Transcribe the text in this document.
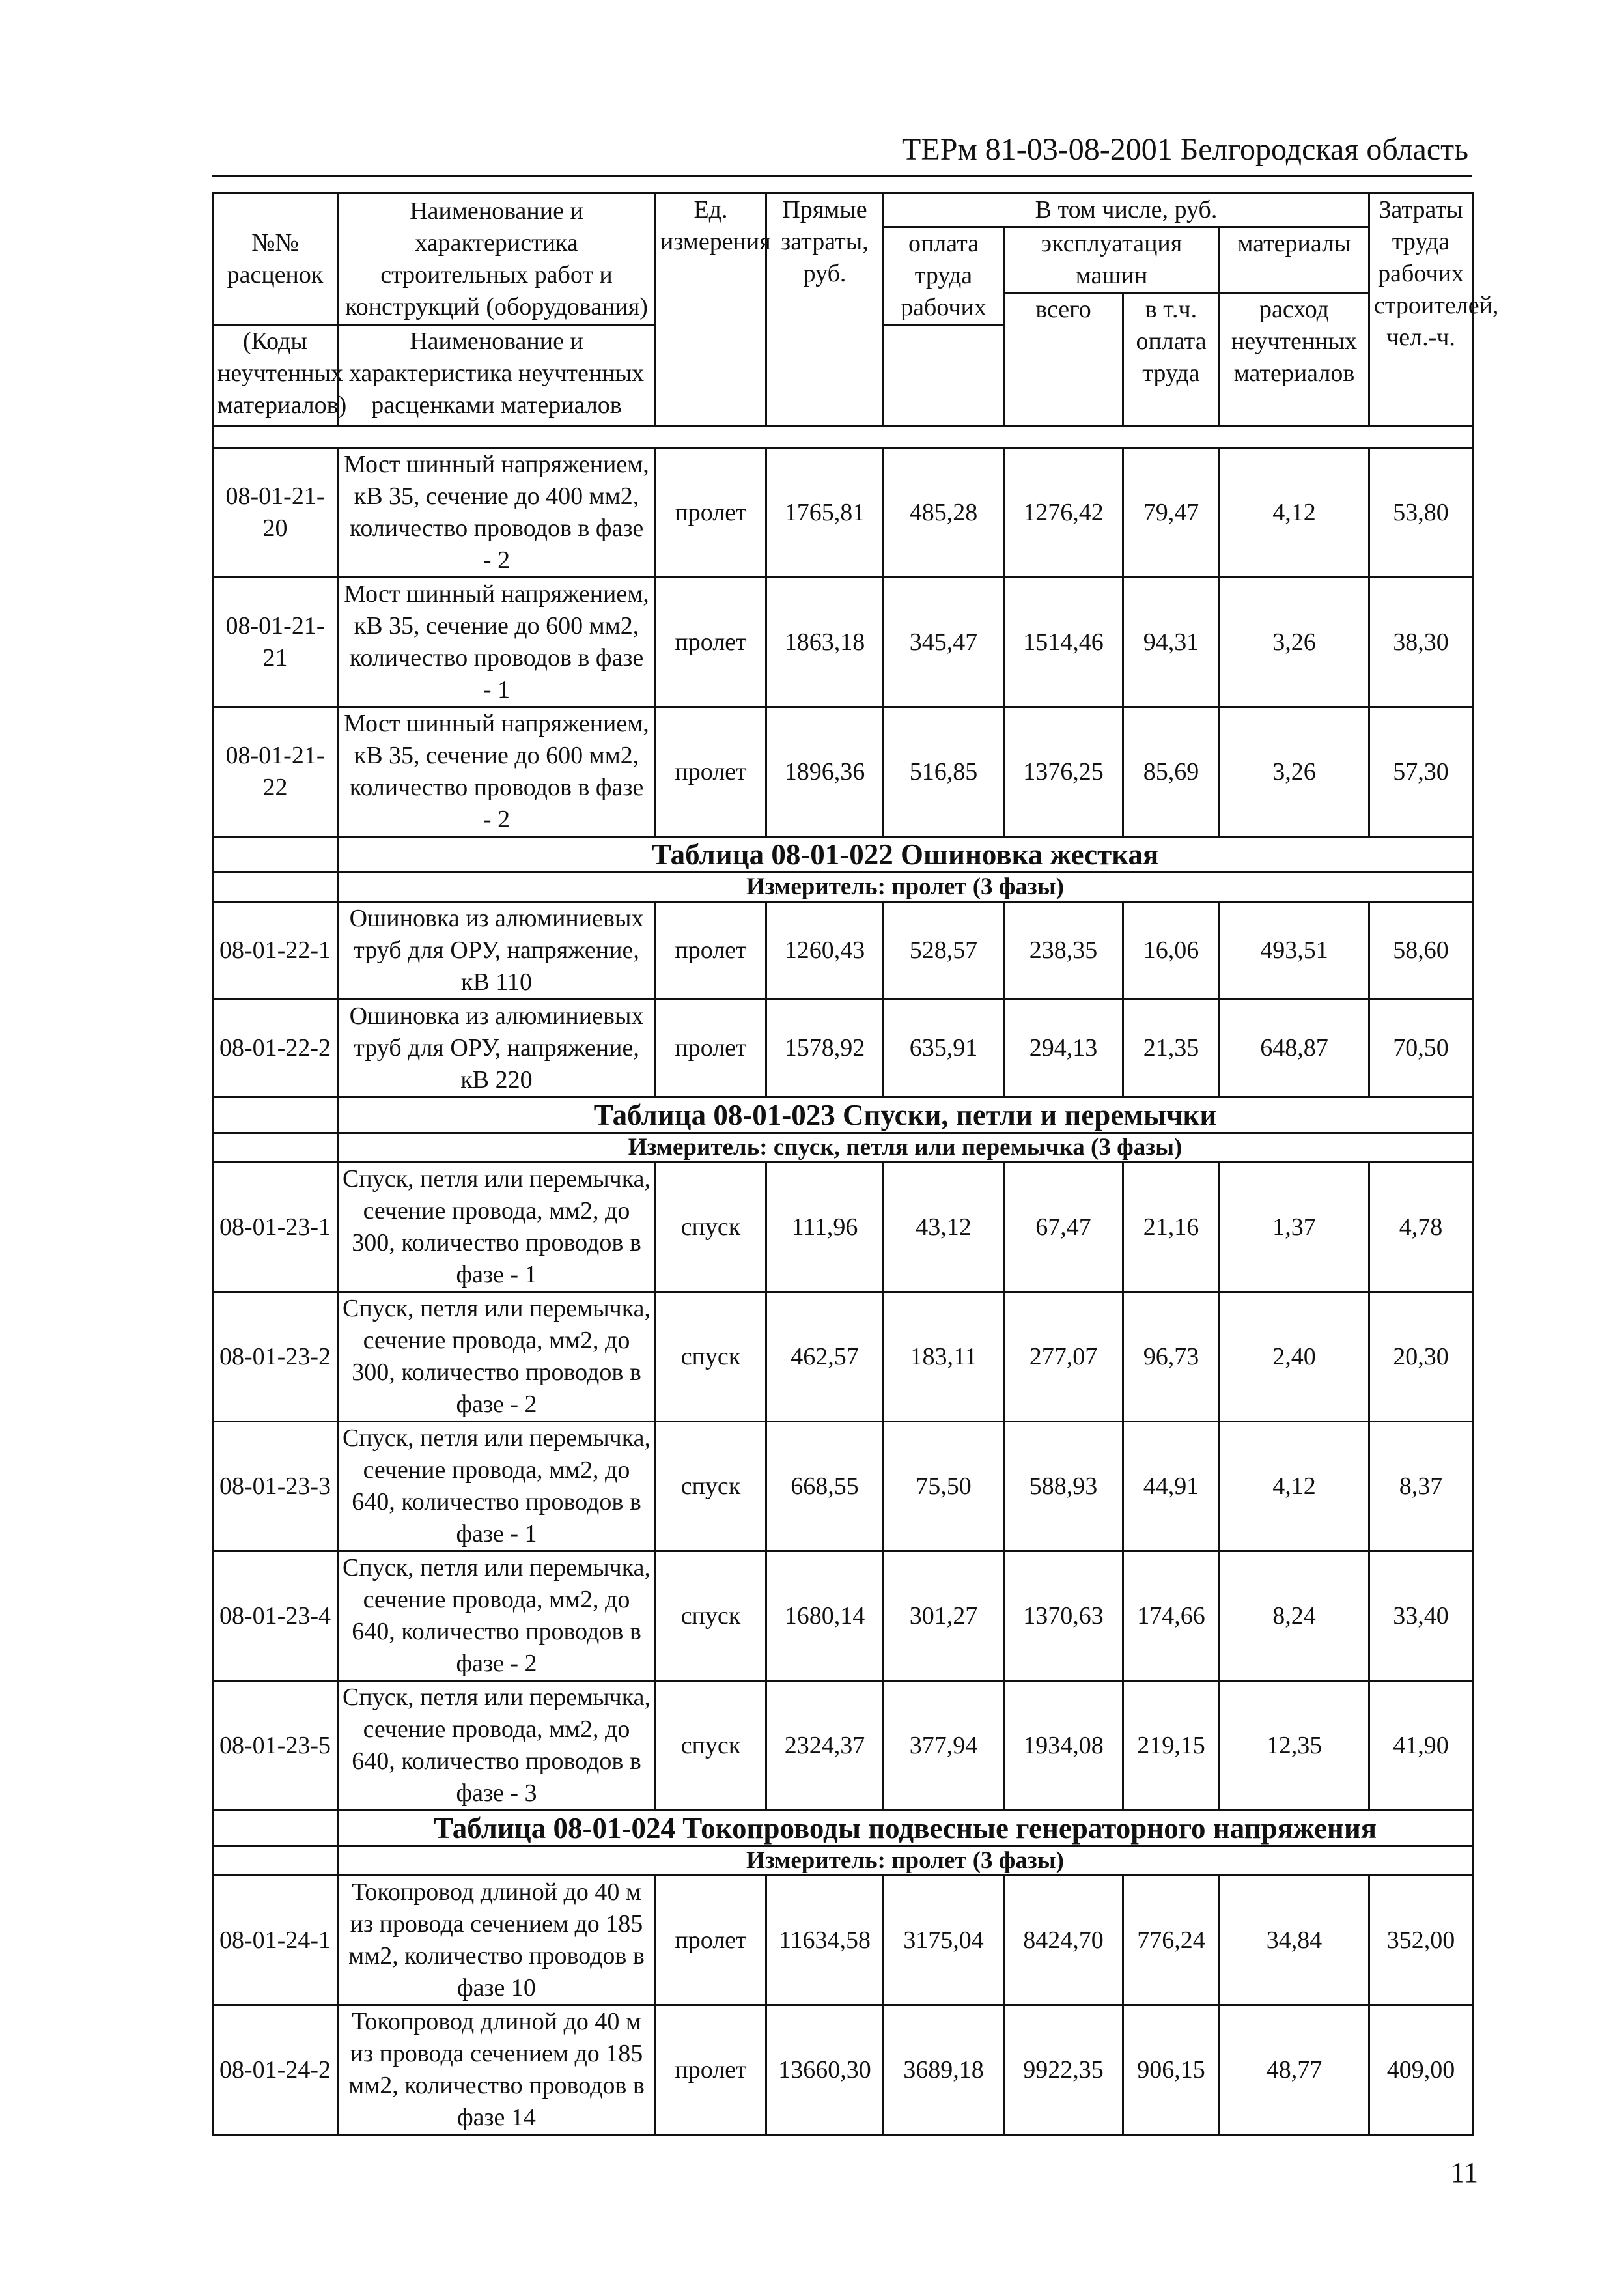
ТЕРм 81-03-08-2001 Белгородская область
№№ расценок	Наименование и характеристика строительных работ и конструкций (оборудования)	Ед. измерения	Прямые затраты, руб.	В том числе, руб.				Затраты труда рабочих строителей, чел.-ч.
				оплата труда рабочих	эксплуатация машин		материалы	
					всего	в т.ч. оплата труда	расход неучтенных материалов	
(Коды неучтенных материалов)	Наименование и характеристика неучтенных расценками материалов							

08-01-21-20	Мост шинный напряжением, кВ 35, сечение до 400 мм2, количество проводов в фазе - 2	пролет	1765,81	485,28	1276,42	79,47	4,12	53,80
08-01-21-21	Мост шинный напряжением, кВ 35, сечение до 600 мм2, количество проводов в фазе - 1	пролет	1863,18	345,47	1514,46	94,31	3,26	38,30
08-01-21-22	Мост шинный напряжением, кВ 35, сечение до 600 мм2, количество проводов в фазе - 2	пролет	1896,36	516,85	1376,25	85,69	3,26	57,30
	Таблица 08-01-022 Ошиновка жесткая							
	Измеритель: пролет (3 фазы)							
08-01-22-1	Ошиновка из алюминиевых труб для ОРУ, напряжение, кВ 110	пролет	1260,43	528,57	238,35	16,06	493,51	58,60
08-01-22-2	Ошиновка из алюминиевых труб для ОРУ, напряжение, кВ 220	пролет	1578,92	635,91	294,13	21,35	648,87	70,50
	Таблица 08-01-023 Спуски, петли и перемычки							
	Измеритель: спуск, петля или перемычка (3 фазы)							
08-01-23-1	Спуск, петля или перемычка, сечение провода, мм2, до 300, количество проводов в фазе - 1	спуск	111,96	43,12	67,47	21,16	1,37	4,78
08-01-23-2	Спуск, петля или перемычка, сечение провода, мм2, до 300, количество проводов в фазе - 2	спуск	462,57	183,11	277,07	96,73	2,40	20,30
08-01-23-3	Спуск, петля или перемычка, сечение провода, мм2, до 640, количество проводов в фазе - 1	спуск	668,55	75,50	588,93	44,91	4,12	8,37
08-01-23-4	Спуск, петля или перемычка, сечение провода, мм2, до 640, количество проводов в фазе - 2	спуск	1680,14	301,27	1370,63	174,66	8,24	33,40
08-01-23-5	Спуск, петля или перемычка, сечение провода, мм2, до 640, количество проводов в фазе - 3	спуск	2324,37	377,94	1934,08	219,15	12,35	41,90
	Таблица 08-01-024 Токопроводы подвесные генераторного напряжения							
	Измеритель: пролет (3 фазы)							
08-01-24-1	Токопровод длиной до 40 м из провода сечением до 185 мм2, количество проводов в фазе 10	пролет	11634,58	3175,04	8424,70	776,24	34,84	352,00
08-01-24-2	Токопровод длиной до 40 м из провода сечением до 185 мм2, количество проводов в фазе 14	пролет	13660,30	3689,18	9922,35	906,15	48,77	409,00
11
